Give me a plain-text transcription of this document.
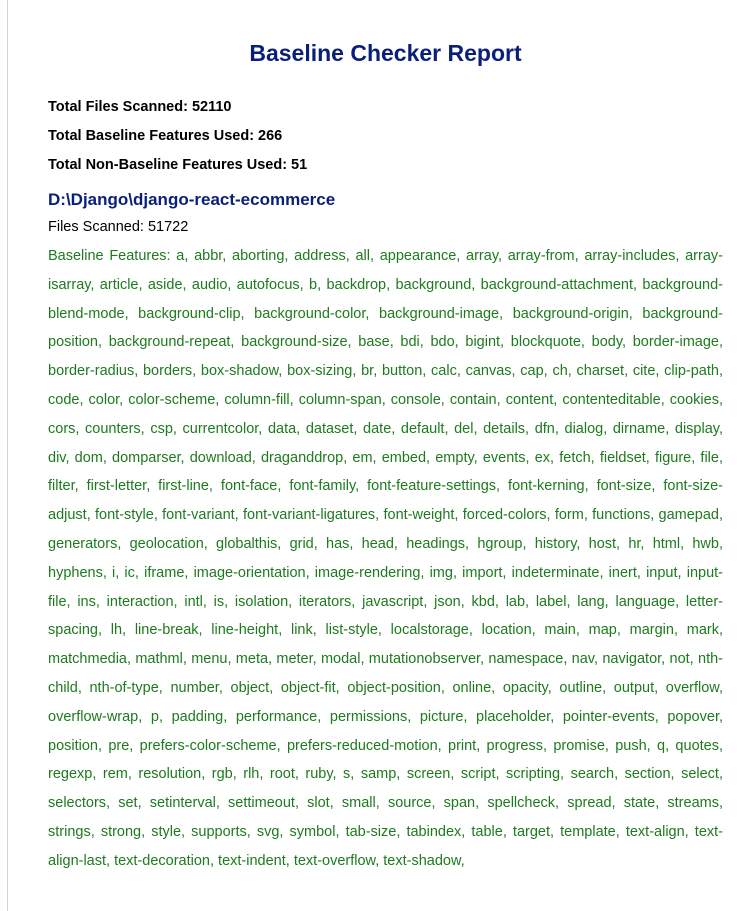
Baseline Checker Report
Total Files Scanned: 52110
Total Baseline Features Used: 266
Total Non-Baseline Features Used: 51
D:\Django\django-react-ecommerce
Files Scanned: 51722
Baseline Features: a, abbr, aborting, address, all, appearance, array, array-from, array-includes, array-isarray, article, aside, audio, autofocus, b, backdrop, background, background-attachment, background-blend-mode, background-clip, background-color, background-image, background-origin, background-position, background-repeat, background-size, base, bdi, bdo, bigint, blockquote, body, border-image, border-radius, borders, box-shadow, box-sizing, br, button, calc, canvas, cap, ch, charset, cite, clip-path, code, color, color-scheme, column-fill, column-span, console, contain, content, contenteditable, cookies, cors, counters, csp, currentcolor, data, dataset, date, default, del, details, dfn, dialog, dirname, display, div, dom, domparser, download, draganddrop, em, embed, empty, events, ex, fetch, fieldset, figure, file, filter, first-letter, first-line, font-face, font-family, font-feature-settings, font-kerning, font-size, font-size-adjust, font-style, font-variant, font-variant-ligatures, font-weight, forced-colors, form, functions, gamepad, generators, geolocation, globalthis, grid, has, head, headings, hgroup, history, host, hr, html, hwb, hyphens, i, ic, iframe, image-orientation, image-rendering, img, import, indeterminate, inert, input, input-file, ins, interaction, intl, is, isolation, iterators, javascript, json, kbd, lab, label, lang, language, letter-spacing, lh, line-break, line-height, link, list-style, localstorage, location, main, map, margin, mark, matchmedia, mathml, menu, meta, meter, modal, mutationobserver, namespace, nav, navigator, not, nth-child, nth-of-type, number, object, object-fit, object-position, online, opacity, outline, output, overflow, overflow-wrap, p, padding, performance, permissions, picture, placeholder, pointer-events, popover, position, pre, prefers-color-scheme, prefers-reduced-motion, print, progress, promise, push, q, quotes, regexp, rem, resolution, rgb, rlh, root, ruby, s, samp, screen, script, scripting, search, section, select, selectors, set, setinterval, settimeout, slot, small, source, span, spellcheck, spread, state, streams, strings, strong, style, supports, svg, symbol, tab-size, tabindex, table, target, template, text-align, text-align-last, text-decoration, text-indent, text-overflow, text-shadow,
